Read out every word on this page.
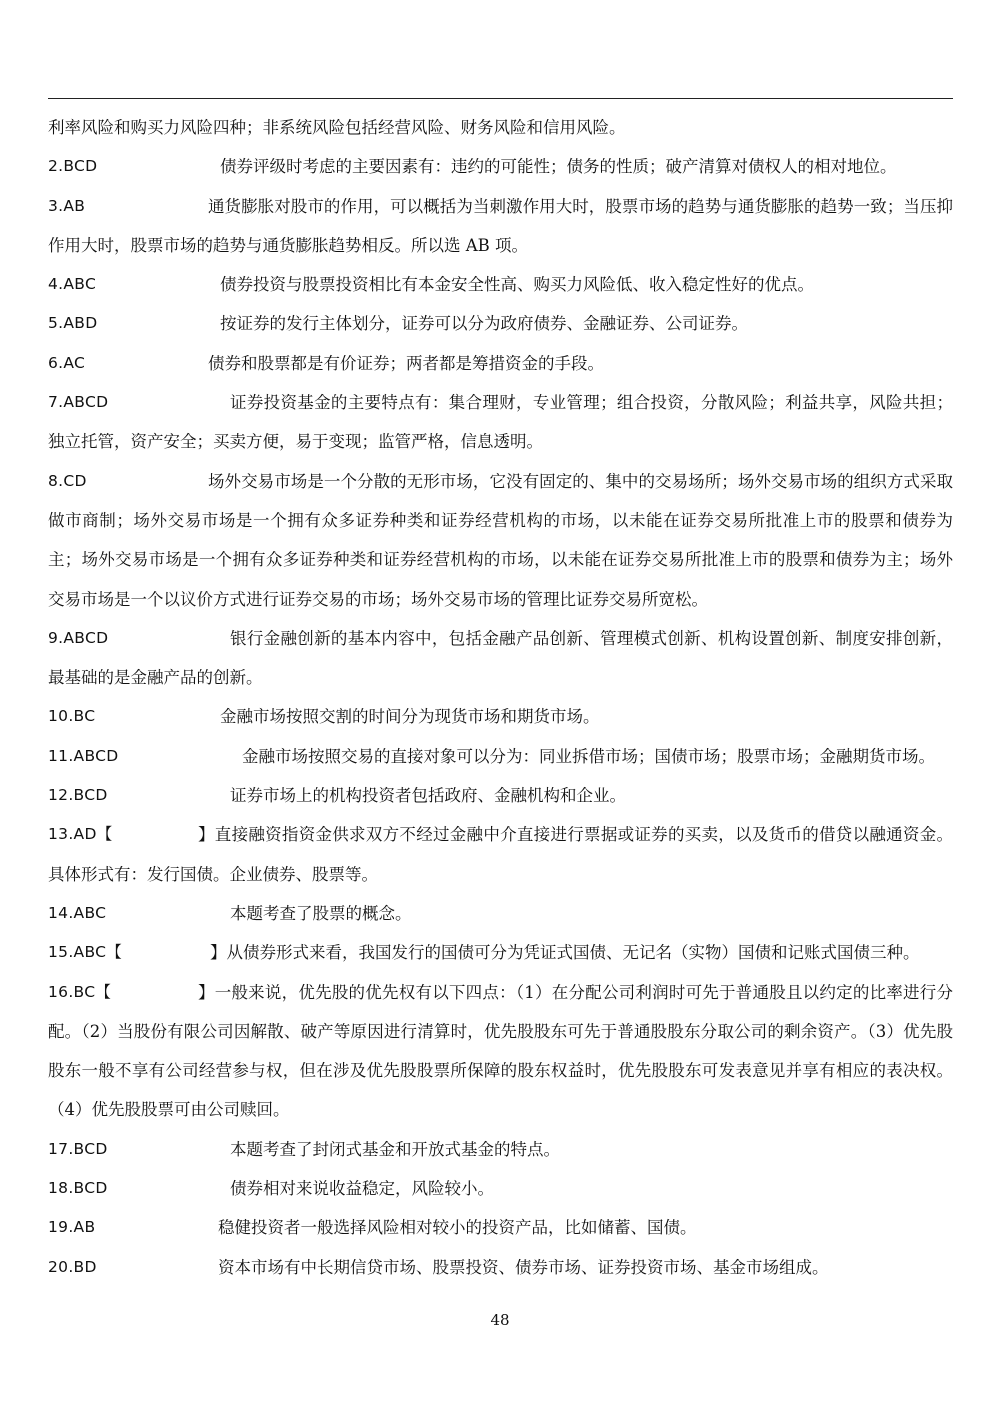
利率风险和购买力风险四种；非系统风险包括经营风险、财务风险和信用风险。
2.BCD	债券评级时考虑的主要因素有：违约的可能性；债务的性质；破产清算对债权人的相对地位。
3.AB	通货膨胀对股市的作用，可以概括为当刺激作用大时，股票市场的趋势与通货膨胀的趋势一致；当压抑作用大时，股票市场的趋势与通货膨胀趋势相反。所以选 AB 项。
4.ABC	债券投资与股票投资相比有本金安全性高、购买力风险低、收入稳定性好的优点。
5.ABD	按证券的发行主体划分，证券可以分为政府债券、金融证券、公司证券。
6.AC	债券和股票都是有价证券；两者都是筹措资金的手段。
7.ABCD	证券投资基金的主要特点有：集合理财，专业管理；组合投资，分散风险；利益共享，风险共担；独立托管，资产安全；买卖方便，易于变现；监管严格，信息透明。
8.CD	场外交易市场是一个分散的无形市场，它没有固定的、集中的交易场所；场外交易市场的组织方式采取做市商制；场外交易市场是一个拥有众多证券种类和证券经营机构的市场，以未能在证券交易所批准上市的股票和债券为主；场外交易市场是一个拥有众多证券种类和证券经营机构的市场，以未能在证券交易所批准上市的股票和债券为主；场外交易市场是一个以议价方式进行证券交易的市场；场外交易市场的管理比证券交易所宽松。
9.ABCD	银行金融创新的基本内容中，包括金融产品创新、管理模式创新、机构设置创新、制度安排创新，最基础的是金融产品的创新。
10.BC	金融市场按照交割的时间分为现货市场和期货市场。
11.ABCD	金融市场按照交易的直接对象可以分为：同业拆借市场；国债市场；股票市场；金融期货市场。
12.BCD	证券市场上的机构投资者包括政府、金融机构和企业。
13.AD【	】直接融资指资金供求双方不经过金融中介直接进行票据或证券的买卖，以及货币的借贷以融通资金。具体形式有：发行国债。企业债券、股票等。
14.ABC	本题考查了股票的概念。
15.ABC【	】从债券形式来看，我国发行的国债可分为凭证式国债、无记名（实物）国债和记账式国债三种。
16.BC【	】一般来说，优先股的优先权有以下四点：（1）在分配公司利润时可先于普通股且以约定的比率进行分配。（2）当股份有限公司因解散、破产等原因进行清算时，优先股股东可先于普通股股东分取公司的剩余资产。（3）优先股股东一般不享有公司经营参与权，但在涉及优先股股票所保障的股东权益时，优先股股东可发表意见并享有相应的表决权。（4）优先股股票可由公司赎回。
17.BCD	本题考查了封闭式基金和开放式基金的特点。
18.BCD	债券相对来说收益稳定，风险较小。
19.AB	稳健投资者一般选择风险相对较小的投资产品，比如储蓄、国债。
20.BD	资本市场有中长期信贷市场、股票投资、债券市场、证券投资市场、基金市场组成。
48
